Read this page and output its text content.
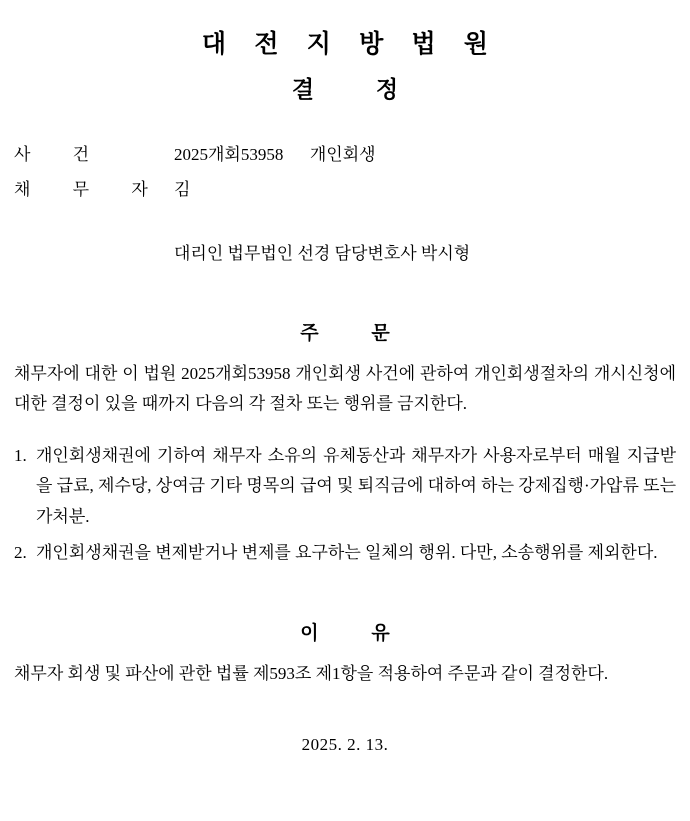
대 전 지 방 법 원
결 정
사 건	2025개회53958 개인회생
채 무 자 김
대리인 법무법인 선경 담당변호사 박시형
주 문

채무자에 대한 이 법원 2025개회53958 개인회생 사건에 관하여 개인회생절차의 개시신청에 대한 결정이 있을 때까지 다음의 각 절차 또는 행위를 금지한다.

1. 개인회생채권에 기하여 채무자 소유의 유체동산과 채무자가 사용자로부터 매월 지급받을 급료, 제수당, 상여금 기타 명목의 급여 및 퇴직금에 대하여 하는 강제집행·가압류 또는 가처분.
2. 개인회생채권을 변제받거나 변제를 요구하는 일체의 행위. 다만, 소송행위를 제외한다.
이 유

채무자 회생 및 파산에 관한 법률 제593조 제1항을 적용하여 주문과 같이 결정한다.

2025. 2. 13.
